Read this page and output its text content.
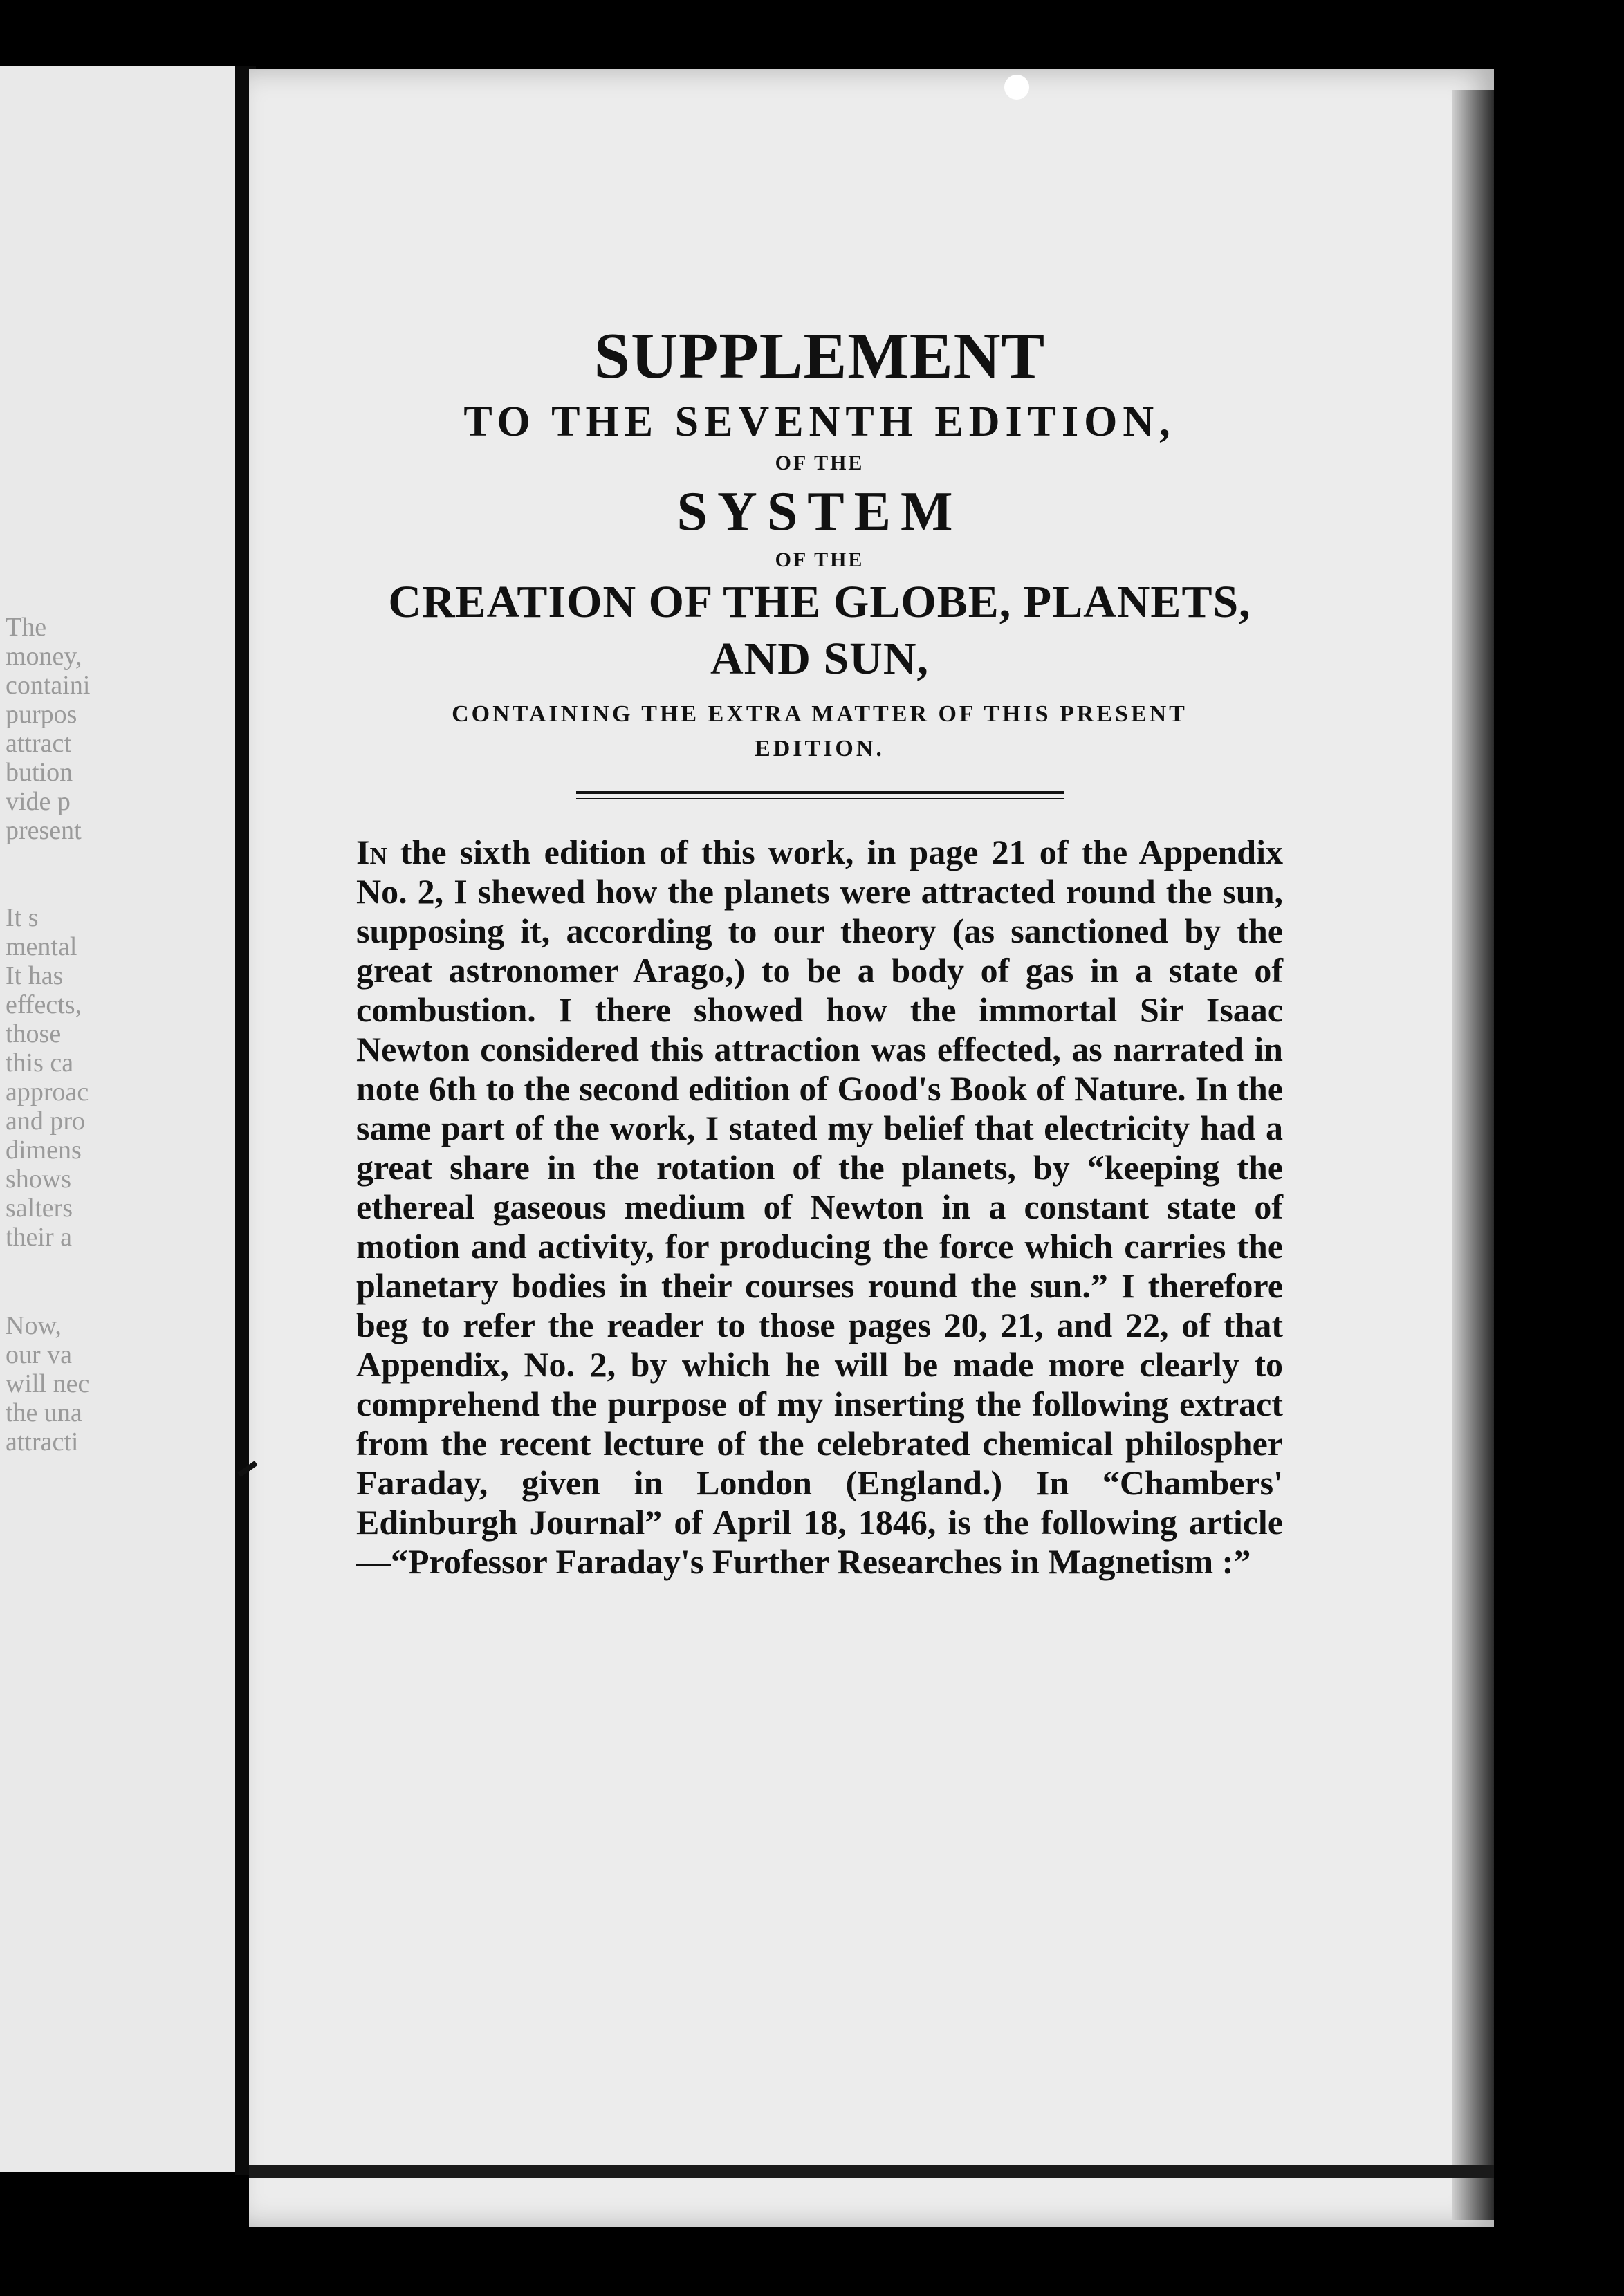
The
money,
containi
purpos
attract
bution
vide p
present
It s
mental
It has
effects,
those
this ca
approac
and pro
dimens
shows
salters
their a
Now,
our va
will nec
the una
attracti

SUPPLEMENT

TO THE SEVENTH EDITION,

OF THE

SYSTEM

OF THE

CREATION OF THE GLOBE, PLANETS,

AND SUN,

CONTAINING THE EXTRA MATTER OF THIS PRESENT
EDITION.

In the sixth edition of this work, in page 21 of the Appendix No. 2, I shewed how the planets were attracted round the sun, supposing it, according to our theory (as sanctioned by the great astronomer Arago,) to be a body of gas in a state of combustion. I there showed how the immortal Sir Isaac Newton considered this attraction was effected, as narrated in note 6th to the second edition of Good's Book of Nature. In the same part of the work, I stated my belief that electricity had a great share in the rotation of the planets, by “keeping the ethereal gaseous medium of Newton in a constant state of motion and activity, for producing the force which carries the planetary bodies in their courses round the sun.” I therefore beg to refer the reader to those pages 20, 21, and 22, of that Appendix, No. 2, by which he will be made more clearly to comprehend the purpose of my inserting the following extract from the recent lecture of the celebrated chemical philospher Faraday, given in London (England.) In “Chambers' Edinburgh Journal” of April 18, 1846, is the following article—“Professor Faraday's Further Researches in Magnetism :”
